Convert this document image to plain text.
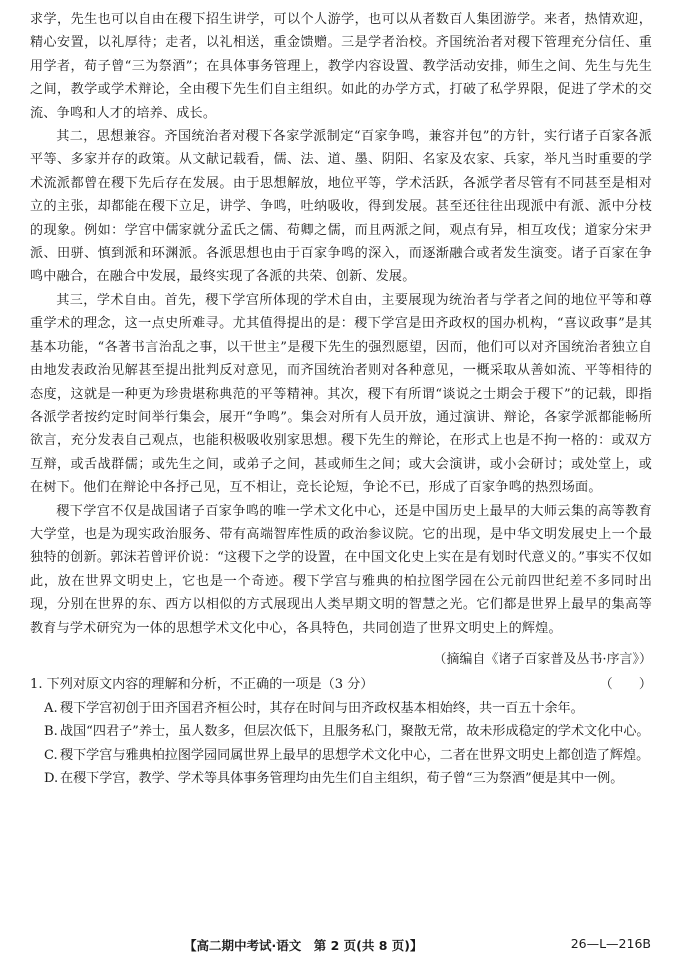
求学，先生也可以自由在稷下招生讲学，可以个人游学，也可以从者数百人集团游学。来者，热情欢迎，精心安置，以礼厚待；走者，以礼相送，重金馈赠。三是学者治校。齐国统治者对稷下管理充分信任、重用学者，荀子曾“三为祭酒”；在具体事务管理上，教学内容设置、教学活动安排，师生之间、先生与先生之间，教学或学术辩论，全由稷下先生们自主组织。如此的办学方式，打破了私学界限，促进了学术的交流、争鸣和人才的培养、成长。

其二，思想兼容。齐国统治者对稷下各家学派制定“百家争鸣，兼容并包”的方针，实行诸子百家各派平等、多家并存的政策。从文献记载看，儒、法、道、墨、阴阳、名家及农家、兵家，举凡当时重要的学术流派都曾在稷下先后存在发展。由于思想解放，地位平等，学术活跃，各派学者尽管有不同甚至是相对立的主张，却都能在稷下立足，讲学、争鸣，吐纳吸收，得到发展。甚至还往往出现派中有派、派中分枝的现象。例如：学宫中儒家就分孟氏之儒、荀卿之儒，而且两派之间，观点有异，相互攻伐；道家分宋尹派、田骈、慎到派和环渊派。各派思想也由于百家争鸣的深入，而逐渐融合或者发生演变。诸子百家在争鸣中融合，在融合中发展，最终实现了各派的共荣、创新、发展。

其三，学术自由。首先，稷下学宫所体现的学术自由，主要展现为统治者与学者之间的地位平等和尊重学术的理念，这一点史所难寻。尤其值得提出的是：稷下学宫是田齐政权的国办机构，“喜议政事”是其基本功能，“各著书言治乱之事，以干世主”是稷下先生的强烈愿望，因而，他们可以对齐国统治者独立自由地发表政治见解甚至提出批判反对意见，而齐国统治者则对各种意见，一概采取从善如流、平等相待的态度，这就是一种更为珍贵堪称典范的平等精神。其次，稷下有所谓“谈说之士期会于稷下”的记载，即指各派学者按约定时间举行集会，展开“争鸣”。集会对所有人员开放，通过演讲、辩论，各家学派都能畅所欲言，充分发表自己观点，也能积极吸收别家思想。稷下先生的辩论，在形式上也是不拘一格的：或双方互辩，或舌战群儒；或先生之间，或弟子之间，甚或师生之间；或大会演讲，或小会研讨；或处堂上，或在树下。他们在辩论中各抒己见，互不相让，竞长论短，争论不已，形成了百家争鸣的热烈场面。

稷下学宫不仅是战国诸子百家争鸣的唯一学术文化中心，还是中国历史上最早的大师云集的高等教育大学堂，也是为现实政治服务、带有高端智库性质的政治参议院。它的出现，是中华文明发展史上一个最独特的创新。郭沫若曾评价说：“这稷下之学的设置，在中国文化史上实在是有划时代意义的。”事实不仅如此，放在世界文明史上，它也是一个奇迹。稷下学宫与雅典的柏拉图学园在公元前四世纪差不多同时出现，分别在世界的东、西方以相似的方式展现出人类早期文明的智慧之光。它们都是世界上最早的集高等教育与学术研究为一体的思想学术文化中心，各具特色，共同创造了世界文明史上的辉煌。

（摘编自《诸子百家普及丛书·序言》）

1. 下列对原文内容的理解和分析，不正确的一项是（3 分）	（　　）
A. 稷下学宫初创于田齐国君齐桓公时，其存在时间与田齐政权基本相始终，共一百五十余年。
B. 战国“四君子”养士，虽人数多，但层次低下，且服务私门，聚散无常，故未形成稳定的学术文化中心。
C. 稷下学宫与雅典柏拉图学园同属世界上最早的思想学术文化中心，二者在世界文明史上都创造了辉煌。
D. 在稷下学宫，教学、学术等具体事务管理均由先生们自主组织，荀子曾“三为祭酒”便是其中一例。
【高二期中考试·语文　第 2 页(共 8 页)】	26—L—216B
